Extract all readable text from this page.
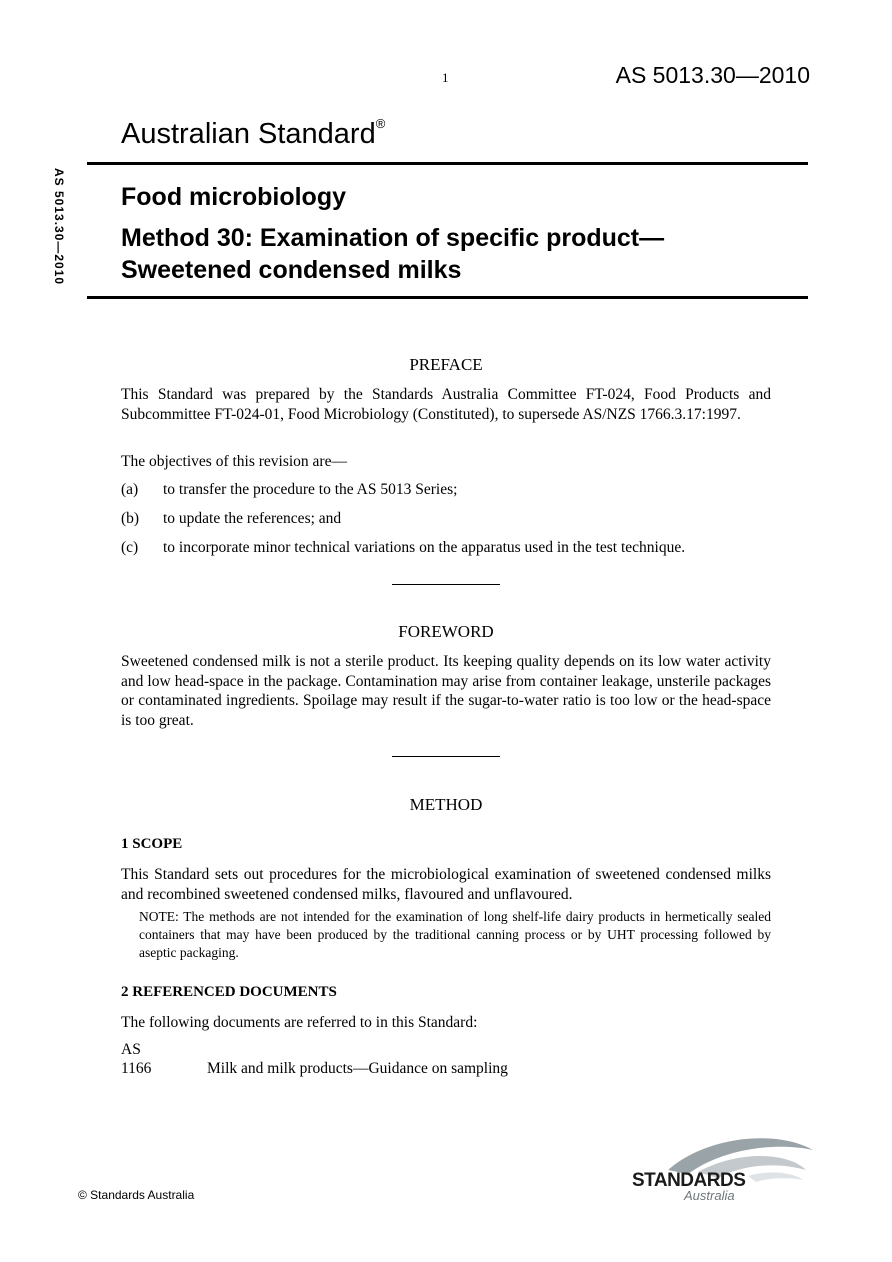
1	AS 5013.30—2010
Australian Standard®
AS 5013.30—2010 Food microbiology
Method 30: Examination of specific product—
Sweetened condensed milks
PREFACE
This Standard was prepared by the Standards Australia Committee FT-024, Food Products and Subcommittee FT-024-01, Food Microbiology (Constituted), to supersede AS/NZS 1766.3.17:1997.
The objectives of this revision are—
(a) to transfer the procedure to the AS 5013 Series;
(b) to update the references; and
(c) to incorporate minor technical variations on the apparatus used in the test technique.
FOREWORD
Sweetened condensed milk is not a sterile product. Its keeping quality depends on its low water activity and low head-space in the package. Contamination may arise from container leakage, unsterile packages or contaminated ingredients. Spoilage may result if the sugar-to-water ratio is too low or the head-space is too great.
METHOD
1 SCOPE
This Standard sets out procedures for the microbiological examination of sweetened condensed milks and recombined sweetened condensed milks, flavoured and unflavoured.
NOTE: The methods are not intended for the examination of long shelf-life dairy products in hermetically sealed containers that may have been produced by the traditional canning process or by UHT processing followed by aseptic packaging.
2 REFERENCED DOCUMENTS
The following documents are referred to in this Standard:
AS
1166	Milk and milk products—Guidance on sampling
© Standards Australia
STANDARDS
Australia
